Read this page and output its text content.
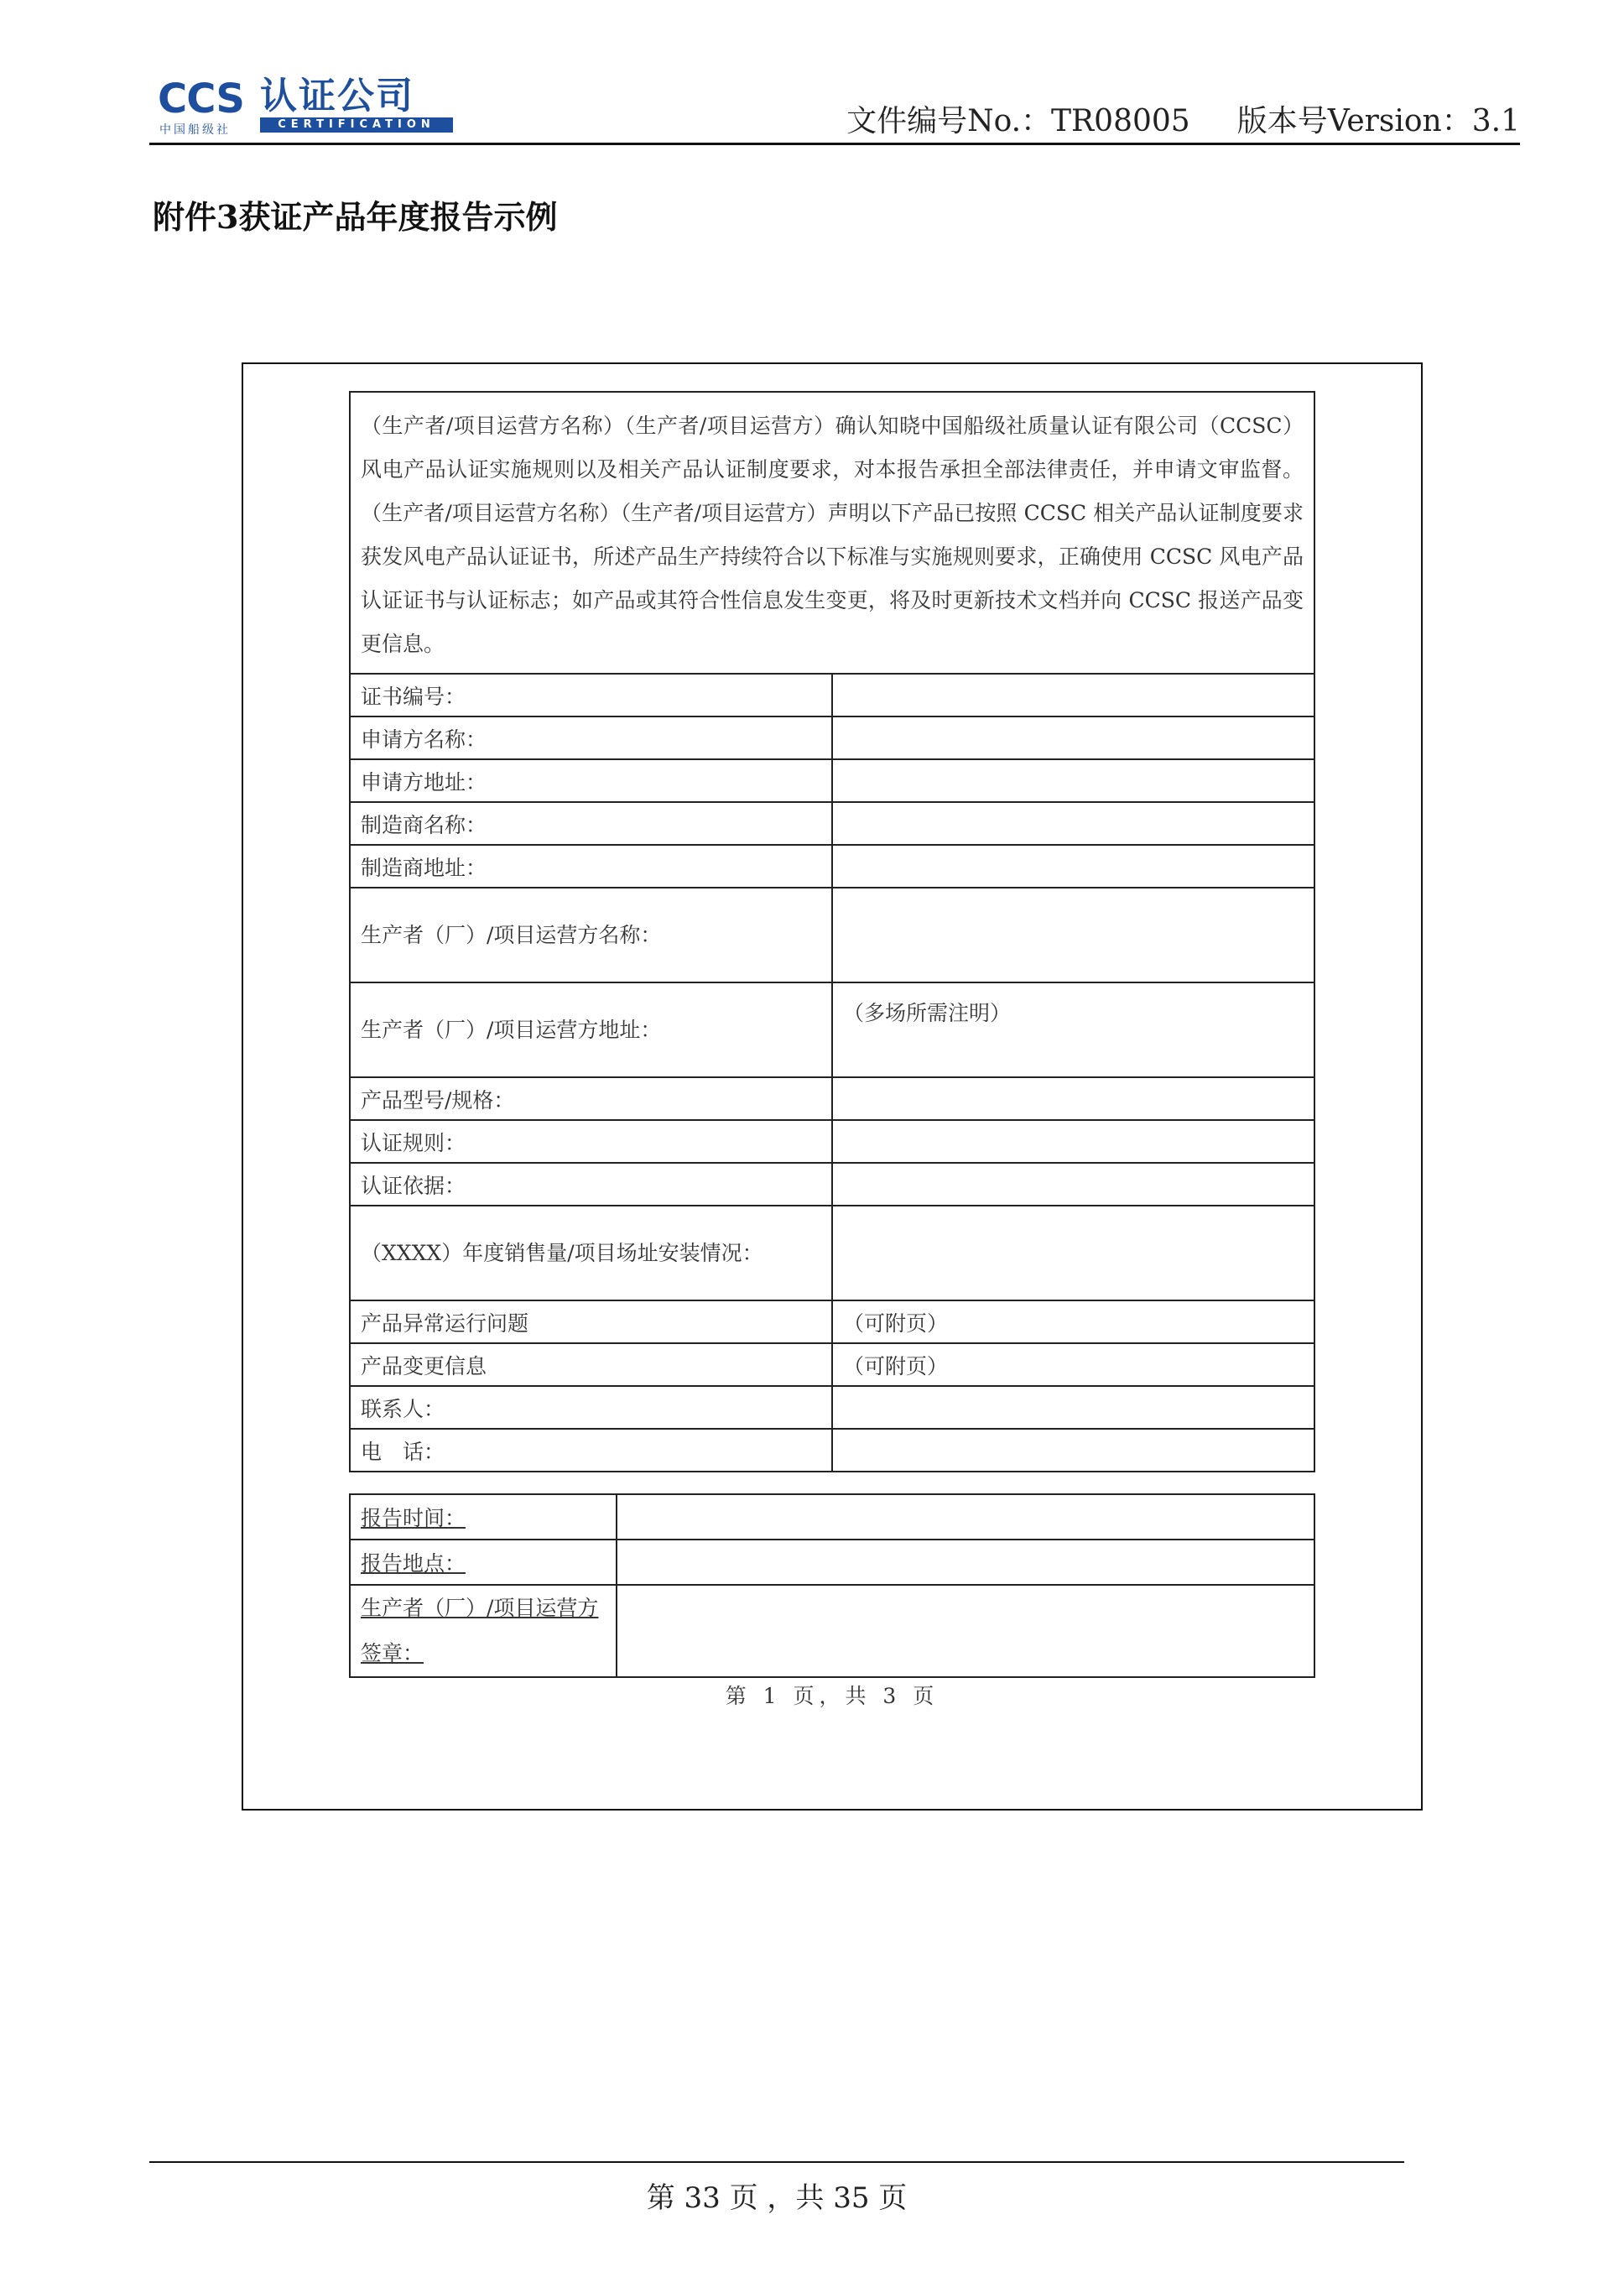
CCS
中国船级社
认证公司
CERTIFICATION	文件编号No.：TR08005 版本号Version：3.1
附件3获证产品年度报告示例
（生产者/项目运营方名称）（生产者/项目运营方）确认知晓中国船级社质量认证有限公司（CCSC）风电产品认证实施规则以及相关产品认证制度要求，对本报告承担全部法律责任，并申请文审监督。（生产者/项目运营方名称）（生产者/项目运营方）声明以下产品已按照 CCSC 相关产品认证制度要求获发风电产品认证证书，所述产品生产持续符合以下标准与实施规则要求，正确使用 CCSC 风电产品认证证书与认证标志；如产品或其符合性信息发生变更，将及时更新技术文档并向 CCSC 报送产品变更信息。	
证书编号：	
申请方名称：	
申请方地址：	
制造商名称：	
制造商地址：	
生产者（厂）/项目运营方名称：	
生产者（厂）/项目运营方地址：	（多场所需注明）
产品型号/规格：	
认证规则：	
认证依据：	
（XXXX）年度销售量/项目场址安装情况：	
产品异常运行问题	（可附页）
产品变更信息	（可附页）
联系人：	
电　话：	
报告时间：	
报告地点：	
生产者（厂）/项目运营方签章：	
第 1 页，共 3 页
第 33 页 ，共 35 页
